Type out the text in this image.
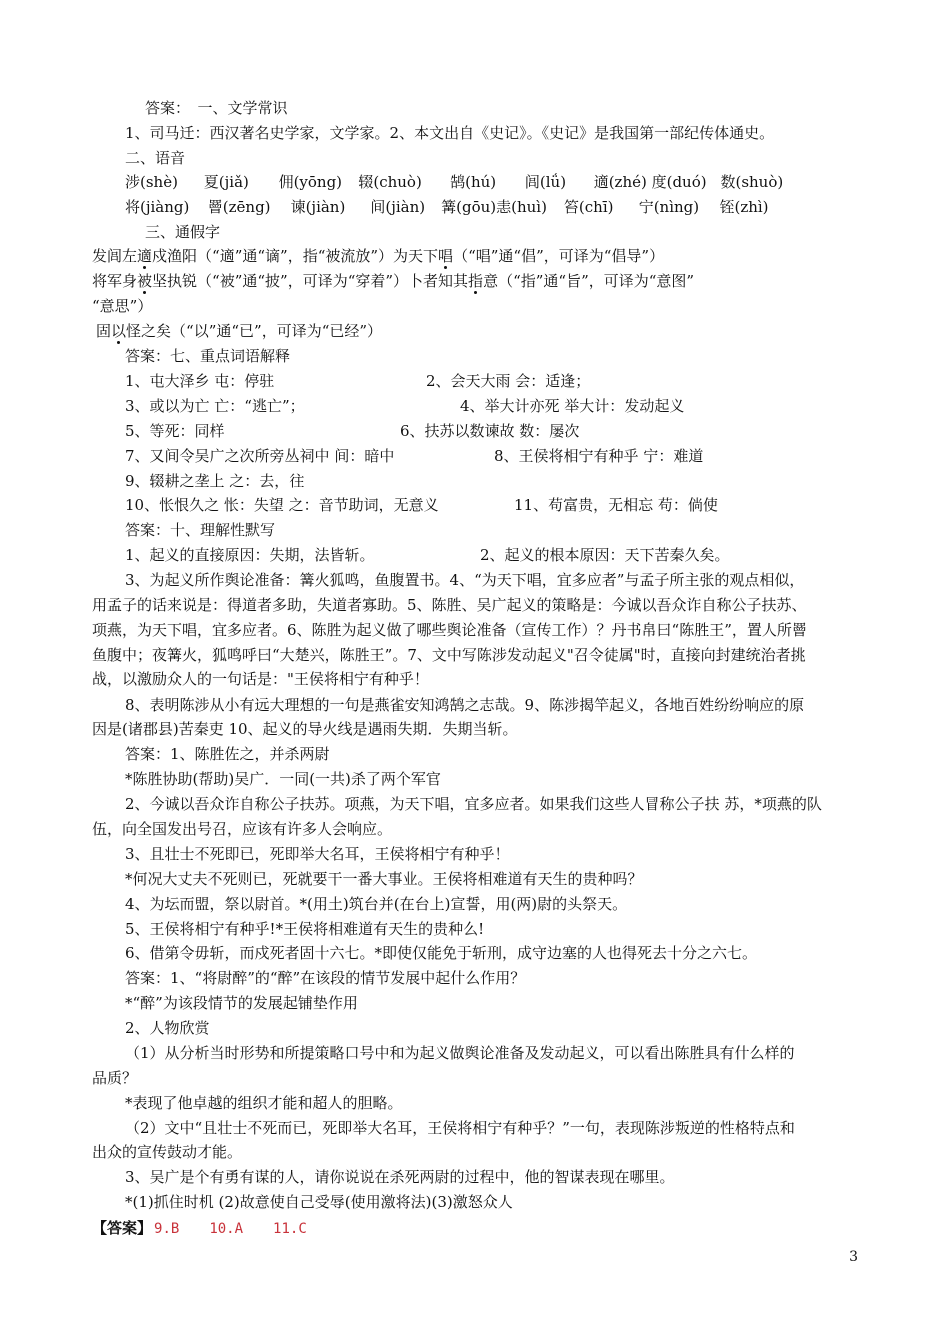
答案：　一、文学常识
1、司马迁：西汉著名史学家，文学家。2、本文出自《史记》。《史记》是我国第一部纪传体通史。
二、语音
涉(shè) 夏(jiǎ) 佣(yōng) 辍(chuò) 鹄(hú) 闾(lǘ) 適(zhé) 度(duó) 数(shuò)
将(jiàng) 罾(zēng) 谏(jiàn) 间(jiàn) 篝(gōu)恚(huì) 笞(chī) 宁(nìng) 铚(zhì)
三、通假字
发闾左適戍渔阳（“適”通“谪”，指“被流放”）为天下唱（“唱”通“倡”，可译为“倡导”）
将军身被坚执锐（“被”通“披”，可译为“穿着”）卜者知其指意（“指”通“旨”，可译为“意图”
“意思”）
固以怪之矣（“以”通“已”，可译为“已经”）
答案：七、重点词语解释
1、屯大泽乡 屯：停驻	2、会天大雨 会：适逢；
3、或以为亡 亡：“逃亡”；	4、举大计亦死 举大计：发动起义
5、等死：同样	6、扶苏以数谏故 数：屡次
7、又间令吴广之次所旁丛祠中 间：暗中	8、王侯将相宁有种乎 宁：难道
9、辍耕之垄上 之：去，往
10、怅恨久之 怅：失望 之：音节助词，无意义	11、苟富贵，无相忘 苟：倘使
答案：十、理解性默写
1、起义的直接原因：失期，法皆斩。	2、起义的根本原因：天下苦秦久矣。
3、为起义所作舆论准备：篝火狐鸣，鱼腹置书。4、“为天下唱，宜多应者”与孟子所主张的观点相似，
用孟子的话来说是：得道者多助，失道者寡助。5、陈胜、吴广起义的策略是：今诚以吾众诈自称公子扶苏、
项燕，为天下唱，宜多应者。6、陈胜为起义做了哪些舆论准备（宣传工作）？丹书帛曰“陈胜王”，置人所罾
鱼腹中；夜篝火，狐鸣呼曰“大楚兴，陈胜王”。7、文中写陈涉发动起义"召令徒属"时，直接向封建统治者挑
战，以激励众人的一句话是："王侯将相宁有种乎！
8、表明陈涉从小有远大理想的一句是燕雀安知鸿鹄之志哉。9、陈涉揭竿起义，各地百姓纷纷响应的原
因是(诸郡县)苦秦吏 10、起义的导火线是遇雨失期．失期当斩。
答案：1、陈胜佐之，并杀两尉
*陈胜协助(帮助)吴广．一同(一共)杀了两个军官
2、今诚以吾众诈自称公子扶苏。项燕，为天下唱，宜多应者。如果我们这些人冒称公子扶 苏，*项燕的队
伍，向全国发出号召，应该有许多人会响应。
3、且壮士不死即已，死即举大名耳，王侯将相宁有种乎！
*何况大丈夫不死则已，死就要干一番大事业。王侯将相难道有天生的贵种吗？
4、为坛而盟，祭以尉首。*(用土)筑台并(在台上)宣誓，用(两)尉的头祭天。
5、王侯将相宁有种乎!*王侯将相难道有天生的贵种么!
6、借第令毋斩，而戍死者固十六七。*即使仅能免于斩刑，成守边塞的人也得死去十分之六七。
答案：1、“将尉醉”的“醉”在该段的情节发展中起什么作用？
*“醉”为该段情节的发展起铺垫作用
2、人物欣赏
（1）从分析当时形势和所提策略口号中和为起义做舆论准备及发动起义，可以看出陈胜具有什么样的
品质？
*表现了他卓越的组织才能和超人的胆略。
（2）文中“且壮士不死而已，死即举大名耳，王侯将相宁有种乎？”一句，表现陈涉叛逆的性格特点和
出众的宣传鼓动才能。
3、吴广是个有勇有谋的人，请你说说在杀死两尉的过程中，他的智谋表现在哪里。
*(1)抓住时机 (2)故意使自己受辱(使用激将法)(3)激怒众人
【答案】 9.B 10.A 11.C
3
